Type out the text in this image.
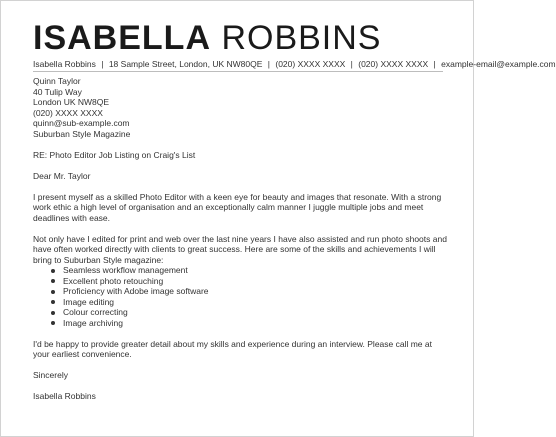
ISABELLA ROBBINS
Isabella Robbins | 18 Sample Street, London, UK NW80QE | (020) XXXX XXXX | (020) XXXX XXXX | example-email@example.com

Quinn Taylor

40 Tulip Way

London UK NW8QE

(020) XXXX XXXX

quinn@sub-example.com

Suburban Style Magazine

RE: Photo Editor Job Listing on Craig's List

Dear Mr. Taylor

I present myself as a skilled Photo Editor with a keen eye for beauty and images that resonate. With a strong work ethic a high level of organisation and an exceptionally calm manner I juggle multiple jobs and meet deadlines with ease.

Not only have I edited for print and web over the last nine years I have also assisted and run photo shoots and have often worked directly with clients to great success. Here are some of the skills and achievements I will bring to Suburban Style magazine:

Seamless workflow management
Excellent photo retouching
Proficiency with Adobe image software
Image editing
Colour correcting
Image archiving

I'd be happy to provide greater detail about my skills and experience during an interview. Please call me at your earliest convenience.

Sincerely

Isabella Robbins
